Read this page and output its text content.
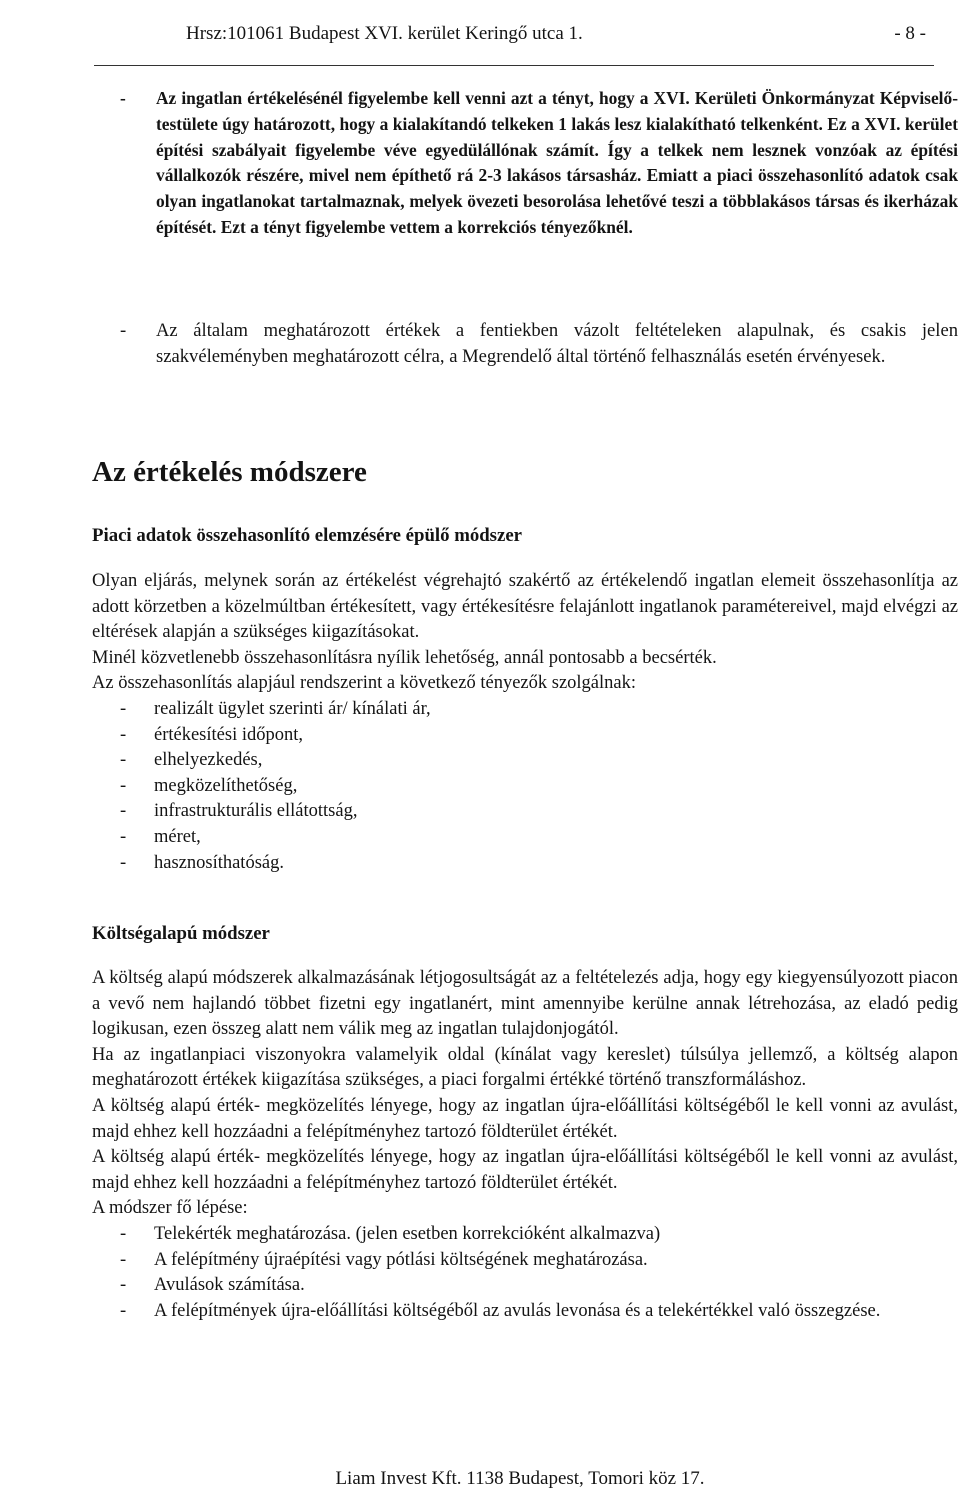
Hrsz:101061 Budapest XVI. kerület Keringő utca 1.	- 8 -
- Az ingatlan értékelésénél figyelembe kell venni azt a tényt, hogy a XVI. Kerületi Önkormányzat Képviselő-testülete úgy határozott, hogy a kialakítandó telkeken 1 lakás lesz kialakítható telkenként. Ez a XVI. kerület építési szabályait figyelembe véve egyedülállónak számít. Így a telkek nem lesznek vonzóak az építési vállalkozók részére, mivel nem építhető rá 2-3 lakásos társasház. Emiatt a piaci összehasonlító adatok csak olyan ingatlanokat tartalmaznak, melyek övezeti besorolása lehetővé teszi a többlakásos társas és ikerházak építését. Ezt a tényt figyelembe vettem a korrekciós tényezőknél.
- Az általam meghatározott értékek a fentiekben vázolt feltételeken alapulnak, és csakis jelen szakvéleményben meghatározott célra, a Megrendelő által történő felhasználás esetén érvényesek.
Az értékelés módszere
Piaci adatok összehasonlító elemzésére épülő módszer

Olyan eljárás, melynek során az értékelést végrehajtó szakértő az értékelendő ingatlan elemeit összehasonlítja az adott körzetben a közelmúltban értékesített, vagy értékesítésre felajánlott ingatlanok paramétereivel, majd elvégzi az eltérések alapján a szükséges kiigazításokat.

Minél közvetlenebb összehasonlításra nyílik lehetőség, annál pontosabb a becsérték.

Az összehasonlítás alapjául rendszerint a következő tényezők szolgálnak:

- realizált ügylet szerinti ár/ kínálati ár,
- értékesítési időpont,
- elhelyezkedés,
- megközelíthetőség,
- infrastrukturális ellátottság,
- méret,
- hasznosíthatóság.
Költségalapú módszer

A költség alapú módszerek alkalmazásának létjogosultságát az a feltételezés adja, hogy egy kiegyensúlyozott piacon a vevő nem hajlandó többet fizetni egy ingatlanért, mint amennyibe kerülne annak létrehozása, az eladó pedig logikusan, ezen összeg alatt nem válik meg az ingatlan tulajdonjogától.

Ha az ingatlanpiaci viszonyokra valamelyik oldal (kínálat vagy kereslet) túlsúlya jellemző, a költség alapon meghatározott értékek kiigazítása szükséges, a piaci forgalmi értékké történő transzformáláshoz.

A költség alapú érték- megközelítés lényege, hogy az ingatlan újra-előállítási költségéből le kell vonni az avulást, majd ehhez kell hozzáadni a felépítményhez tartozó földterület értékét.

A költség alapú érték- megközelítés lényege, hogy az ingatlan újra-előállítási költségéből le kell vonni az avulást, majd ehhez kell hozzáadni a felépítményhez tartozó földterület értékét.

A módszer fő lépése:

- Telekérték meghatározása. (jelen esetben korrekcióként alkalmazva)
- A felépítmény újraépítési vagy pótlási költségének meghatározása.
- Avulások számítása.
- A felépítmények újra-előállítási költségéből az avulás levonása és a telekértékkel való összegzése.
Liam Invest Kft. 1138 Budapest, Tomori köz 17.
